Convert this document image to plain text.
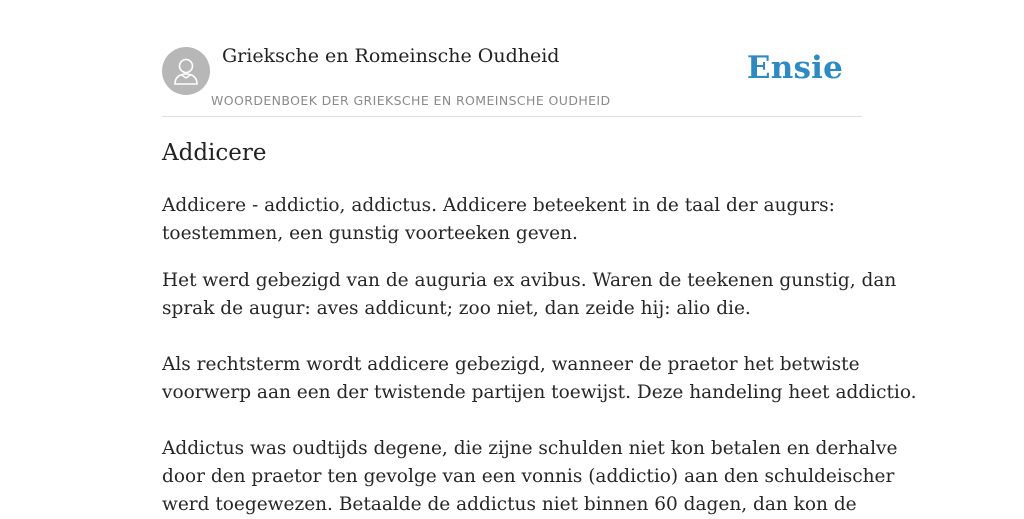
Grieksche en Romeinsche Oudheid
WOORDENBOEK DER GRIEKSCHE EN ROMEINSCHE OUDHEID
Ensie
Addicere

Addicere - addictio, addictus. Addicere beteekent in de taal der augurs:

toestemmen, een gunstig voorteeken geven.

Het werd gebezigd van de auguria ex avibus. Waren de teekenen gunstig, dan

sprak de augur: aves addicunt; zoo niet, dan zeide hij: alio die.

Als rechtsterm wordt addicere gebezigd, wanneer de praetor het betwiste

voorwerp aan een der twistende partijen toewijst. Deze handeling heet addictio.

Addictus was oudtijds degene, die zijne schulden niet kon betalen en derhalve

door den praetor ten gevolge van een vonnis (addictio) aan den schuldeischer

werd toegewezen. Betaalde de addictus niet binnen 60 dagen, dan kon de
